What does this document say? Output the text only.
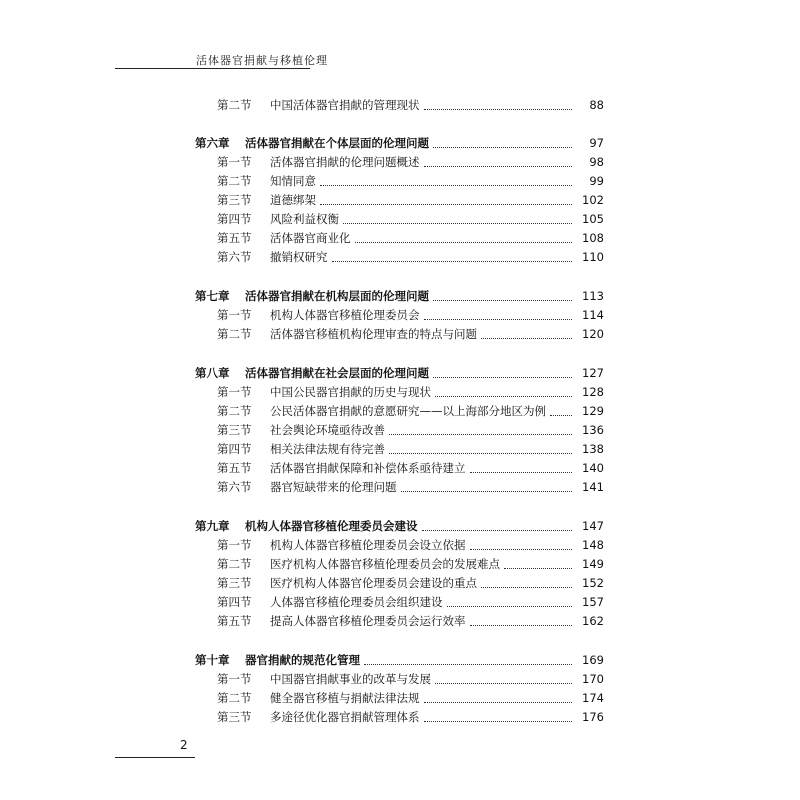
活体器官捐献与移植伦理
第二节	中国活体器官捐献的管理现状	88
第六章	活体器官捐献在个体层面的伦理问题	97
第一节	活体器官捐献的伦理问题概述	98
第二节	知情同意	99
第三节	道德绑架	102
第四节	风险利益权衡	105
第五节	活体器官商业化	108
第六节	撤销权研究	110
第七章	活体器官捐献在机构层面的伦理问题	113
第一节	机构人体器官移植伦理委员会	114
第二节	活体器官移植机构伦理审查的特点与问题	120
第八章	活体器官捐献在社会层面的伦理问题	127
第一节	中国公民器官捐献的历史与现状	128
第二节	公民活体器官捐献的意愿研究——以上海部分地区为例	129
第三节	社会舆论环境亟待改善	136
第四节	相关法律法规有待完善	138
第五节	活体器官捐献保障和补偿体系亟待建立	140
第六节	器官短缺带来的伦理问题	141
第九章	机构人体器官移植伦理委员会建设	147
第一节	机构人体器官移植伦理委员会设立依据	148
第二节	医疗机构人体器官移植伦理委员会的发展难点	149
第三节	医疗机构人体器官伦理委员会建设的重点	152
第四节	人体器官移植伦理委员会组织建设	157
第五节	提高人体器官移植伦理委员会运行效率	162
第十章	器官捐献的规范化管理	169
第一节	中国器官捐献事业的改革与发展	170
第二节	健全器官移植与捐献法律法规	174
第三节	多途径优化器官捐献管理体系	176
2
